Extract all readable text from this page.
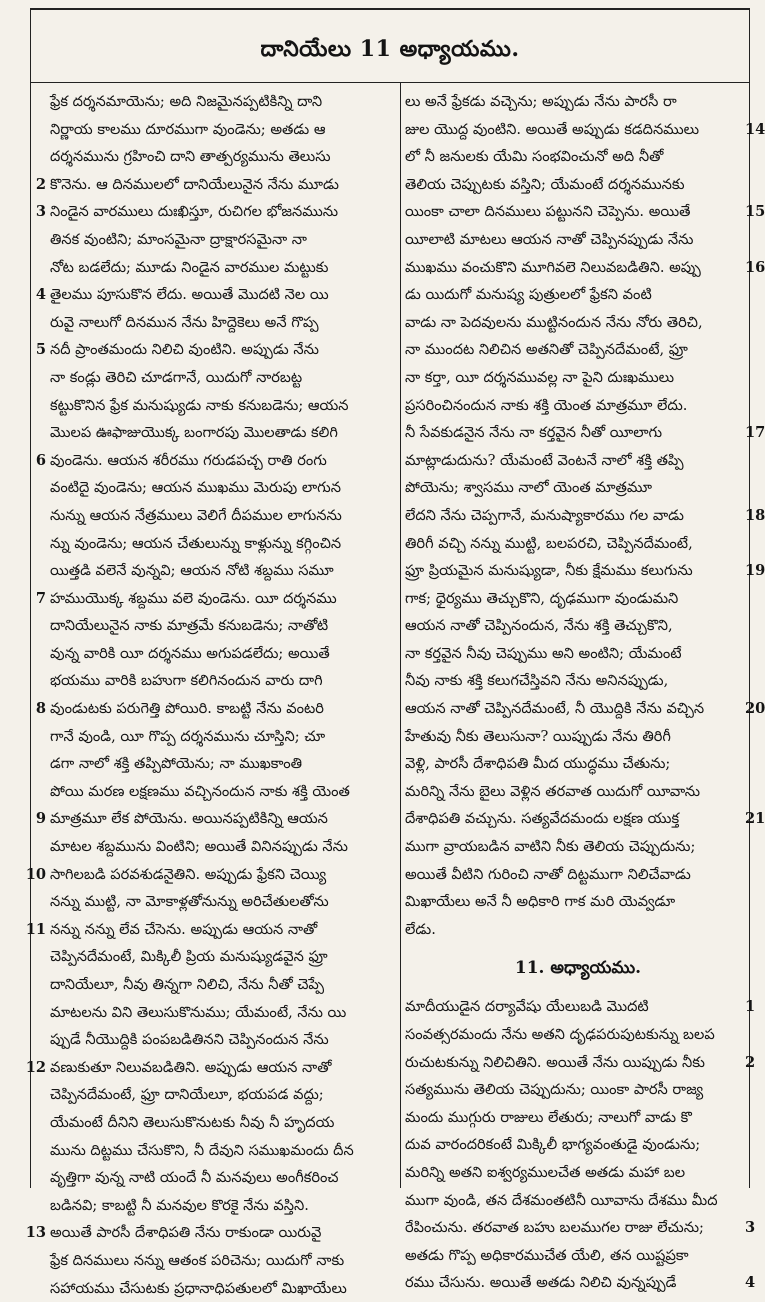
దానియేలు 11 అధ్యాయము.
ఫ్రేక దర్శనమాయెను; అది నిజమైనప్పటికిన్ని దాని
నిర్ణాయ కాలము దూరముగా వుండెను; అతడు ఆ
దర్శనమును గ్రహించి దాని తాత్పర్యమును తెలుసు
కొనెను. ఆ దినములలో దానియేలునైన నేను మూడు
2
నిండైన వారములు దుఃఖిస్తూ, రుచిగల భోజనమును
3
తినక వుంటిని; మాంసమైనా ద్రాక్షారసమైనా నా
నోట బడలేదు; మూడు నిండైన వారముల మట్టుకు
తైలము పూసుకొన లేదు. అయితే మొదటి నెల యి
4
రువై నాలుగో దినమున నేను హిద్దెకెలు అనే గొప్ప
నదీ ప్రాంతమందు నిలిచి వుంటిని. అప్పుడు నేను
5
నా కండ్లు తెరిచి చూడగానే, యిదుగో నారబట్ట
కట్టుకొనిన ఫ్రేక మనుష్యుడు నాకు కనుబడెను; ఆయన
మొలప ఊఫాజుయొక్క బంగారపు మొలతాడు కలిగి
వుండెను. ఆయన శరీరము గరుడపచ్చ రాతి రంగు
6
వంటిదై వుండెను; ఆయన ముఖము మెరుపు లాగున
నున్ను ఆయన నేత్రములు వెలిగే దీపముల లాగునను
న్ను వుండెను; ఆయన చేతులున్ను కాళ్లున్ను కగ్గించిన
యిత్తడి వలెనే వున్నవి; ఆయన నోటి శబ్దము సమూ
హముయొక్క శబ్దము వలె వుండెను. యీ దర్శనము
7
దానియేలునైన నాకు మాత్రమే కనుబడెను; నాతోటి
వున్న వారికి యీ దర్శనము అగుపడలేదు; అయితే
భయము వారికి బహుగా కలిగినందున వారు దాగి
వుండుటకు పరుగెత్తి పోయిరి. కాబట్టి నేను వంటరి
8
గానే వుండి, యీ గొప్ప దర్శనమును చూస్తిని; చూ
డగా నాలో శక్తి తప్పిపోయెను; నా ముఖకాంతి
పోయి మరణ లక్షణము వచ్చినందున నాకు శక్తి యెంత
మాత్రమూ లేక పోయెను. అయినప్పటికిన్ని ఆయన
9
మాటల శబ్దమును వింటిని; అయితే వినినప్పుడు నేను
సాగిలబడి పరవశుడనైతిని. అప్పుడు ఫ్రేకని చెయ్యి
10
నన్ను ముట్టి, నా మోకాళ్లతోనున్ను అరిచేతులతోను
నన్ను నన్ను లేవ చేసెను. అప్పుడు ఆయన నాతో
11
చెప్పినదేమంటే, మిక్కిలీ ప్రియ మనుష్యుడవైన ఫ్రూ
దానియేలూ, నీవు తిన్నగా నిలిచి, నేను నీతో చెప్పే
మాటలను విని తెలుసుకొనుము; యేమంటే, నేను యి
ప్పుడే నీయొద్దికి పంపబడితినని చెప్పినందున నేను
వణుకుతూ నిలువబడితిని. అప్పుడు ఆయన నాతో
12
చెప్పినదేమంటే, ఫ్రూ దానియేలూ, భయపడ వద్దు;
యేమంటే దీనిని తెలుసుకొనుటకు నీవు నీ హృదయ
మును దిట్టము చేసుకొని, నీ దేవుని సముఖమందు దీన
వృత్తిగా వున్న నాటి యందే నీ మనవులు అంగీకరించ
బడినవి; కాబట్టి నీ మనవుల కొరకై నేను వస్తిని.
అయితే పారసీ దేశాధిపతి నేను రాకుండా యిరువై
13
ఫ్రేక దినములు నన్ను ఆతంక పరిచెను; యిదుగో నాకు
సహాయము చేసుటకు ప్రధానాధిపతులలో మిఖాయేలు
లు అనే ఫ్రేకడు వచ్చెను; అప్పుడు నేను పారసీ రా
జుల యొద్ద వుంటిని. అయితే అప్పుడు కడదినములు	14
లో నీ జనులకు యేమి సంభవించునో అది నీతో
తెలియ చెప్పుటకు వస్తిని; యేమంటే దర్శనమునకు
యింకా చాలా దినములు పట్టునని చెప్పెను. అయితే	15
యీలాటి మాటలు ఆయన నాతో చెప్పినప్పుడు నేను
ముఖము వంచుకొని మూగివలె నిలువబడితిని. అప్పు	16
డు యిదుగో మనుష్య పుత్రులలో ఫ్రేకని వంటి
వాడు నా పెదవులను ముట్టినందున నేను నోరు తెరిచి,
నా ముందట నిలిచిన అతనితో చెప్పినదేమంటే, ఫ్రూ
నా కర్తా, యీ దర్శనమువల్ల నా పైని దుఃఖములు
ప్రసరించినందున నాకు శక్తి యెంత మాత్రమూ లేదు.
నీ సేవకుడనైన నేను నా కర్తవైన నీతో యీలాగు	17
మాట్లాడుదును? యేమంటే వెంటనే నాలో శక్తి తప్పి
పోయెను; శ్వాసము నాలో యెంత మాత్రమూ
లేదని నేను చెప్పగానే, మనుష్యాకారము గల వాడు	18
తిరిగీ వచ్చి నన్ను ముట్టి, బలపరచి, చెప్పినదేమంటే,
ఫ్రూ ప్రియమైన మనుష్యుడా, నీకు క్షేమము కలుగును	19
గాక; ధైర్యము తెచ్చుకొని, దృఢముగా వుండుమని
ఆయన నాతో చెప్పినందున, నేను శక్తి తెచ్చుకొని,
నా కర్తవైన నీవు చెప్పుము అని అంటిని; యేమంటే
నీవు నాకు శక్తి కలుగచేస్తివని నేను అనినప్పుడు,
ఆయన నాతో చెప్పినదేమంటే, నీ యొద్దికి నేను వచ్చిన	20
హేతువు నీకు తెలుసునా? యిప్పుడు నేను తిరిగీ
వెళ్లి, పారసీ దేశాధిపతి మీద యుద్ధము చేతును;
మరిన్ని నేను బైలు వెళ్లిన తరవాత యిదుగో యీవాను
దేశాధిపతి వచ్చును. సత్యవేదమందు లక్షణ యుక్త	21
ముగా వ్రాయబడిన వాటిని నీకు తెలియ చెప్పుదును;
అయితే వీటిని గురించి నాతో దిట్టముగా నిలిచేవాడు
మిఖాయేలు అనే నీ అధికారి గాక మరి యెవ్వడూ
లేడు.
11. అధ్యాయము.
మాదీయుడైన దర్యావేషు యేలుబడి మొదటి	1
సంవత్సరమందు నేను అతని దృఢపరుపుటకున్ను బలప
రుచుటకున్ను నిలిచితిని. అయితే నేను యిప్పుడు నీకు	2
సత్యమును తెలియ చెప్పుదును; యింకా పారసీ రాజ్య
మందు ముగ్గురు రాజులు లేతురు; నాలుగో వాడు కొ
దువ వారందరికంటే మిక్కిలీ భాగ్యవంతుడై వుండును;
మరిన్ని అతని ఐశ్వర్యములచేత అతడు మహా బల
ముగా వుండి, తన దేశమంతటినీ యీవాను దేశము మీద
రేపించును. తరవాత బహు బలముగల రాజు లేచును;	3
అతడు గొప్ప అధికారముచేత యేలి, తన యిష్టప్రకా
రము చేసును. అయితే అతడు నిలిచి వున్నప్పుడే	4
